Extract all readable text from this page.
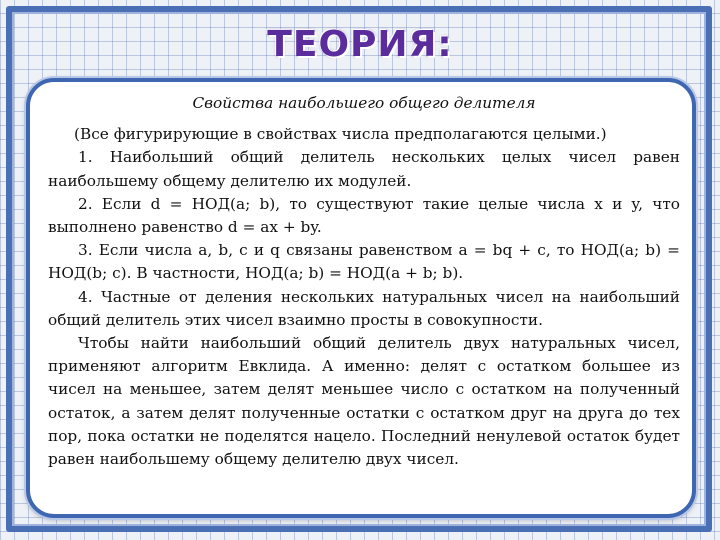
ТЕОРИЯ:
Свойства наибольшего общего делителя

(Все фигурирующие в свойствах числа предполагаются целыми.)

1. Наибольший общий делитель нескольких целых чисел равен наибольшему общему делителю их модулей.

2. Если d = НОД(a; b), то существуют такие целые числа x и y, что выполнено равенство d = ax + by.

3. Если числа a, b, c и q связаны равенством a = bq + c, то НОД(a; b) = НОД(b; c). В частности, НОД(a; b) = НОД(a + b; b).

4. Частные от деления нескольких натуральных чисел на наибольший общий делитель этих чисел взаимно просты в совокупности.

Чтобы найти наибольший общий делитель двух натуральных чисел, применяют алгоритм Евклида. А именно: делят с остатком большее из чисел на меньшее, затем делят меньшее число с остатком на полученный остаток, а затем делят полученные остатки с остатком друг на друга до тех пор, пока остатки не поделятся нацело. Последний ненулевой остаток будет равен наибольшему общему делителю двух чисел.
